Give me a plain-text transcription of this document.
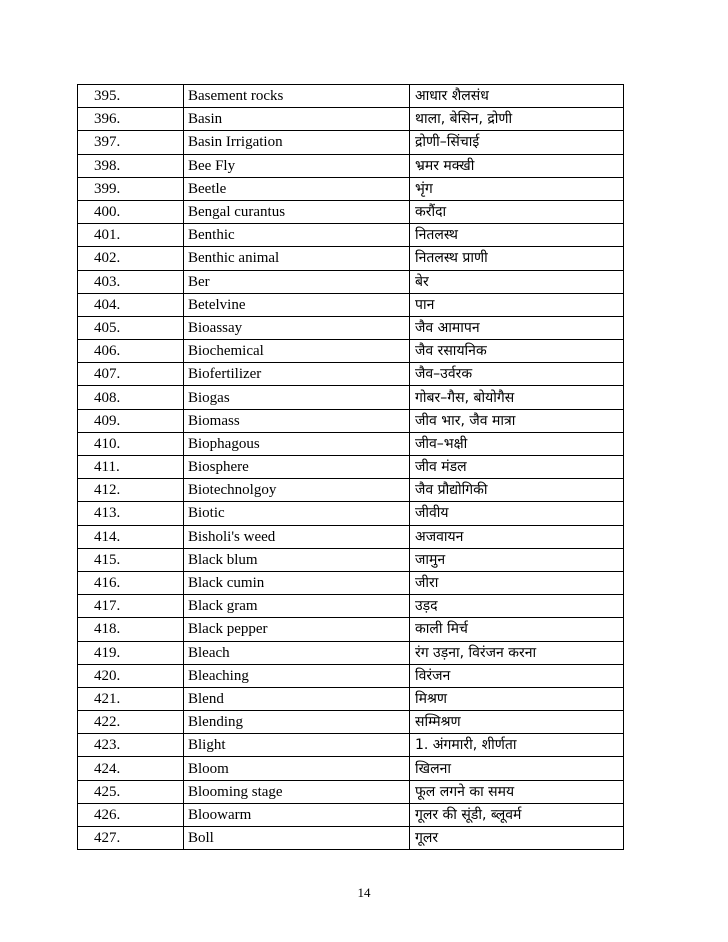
395.	Basement rocks	आधार शैलसंध
396.	Basin	थाला, बेसिन, द्रोणी
397.	Basin Irrigation	द्रोणी–सिंचाई
398.	Bee Fly	भ्रमर मक्खी
399.	Beetle	भृंग
400.	Bengal curantus	करौंदा
401.	Benthic	नितलस्थ
402.	Benthic animal	नितलस्थ प्राणी
403.	Ber	बेर
404.	Betelvine	पान
405.	Bioassay	जैव आमापन
406.	Biochemical	जैव रसायनिक
407.	Biofertilizer	जैव–उर्वरक
408.	Biogas	गोबर–गैस, बोयोगैस
409.	Biomass	जीव भार, जैव मात्रा
410.	Biophagous	जीव–भक्षी
411.	Biosphere	जीव मंडल
412.	Biotechnolgoy	जैव प्रौद्योगिकी
413.	Biotic	जीवीय
414.	Bisholi's weed	अजवायन
415.	Black blum	जामुन
416.	Black cumin	जीरा
417.	Black gram	उड़द
418.	Black pepper	काली मिर्च
419.	Bleach	रंग उड़ना, विरंजन करना
420.	Bleaching	विरंजन
421.	Blend	मिश्रण
422.	Blending	सम्मिश्रण
423.	Blight	1. अंगमारी, शीर्णता
424.	Bloom	खिलना
425.	Blooming stage	फूल लगने का समय
426.	Bloowarm	गूलर की सूंडी, ब्लूवर्म
427.	Boll	गूलर
14
